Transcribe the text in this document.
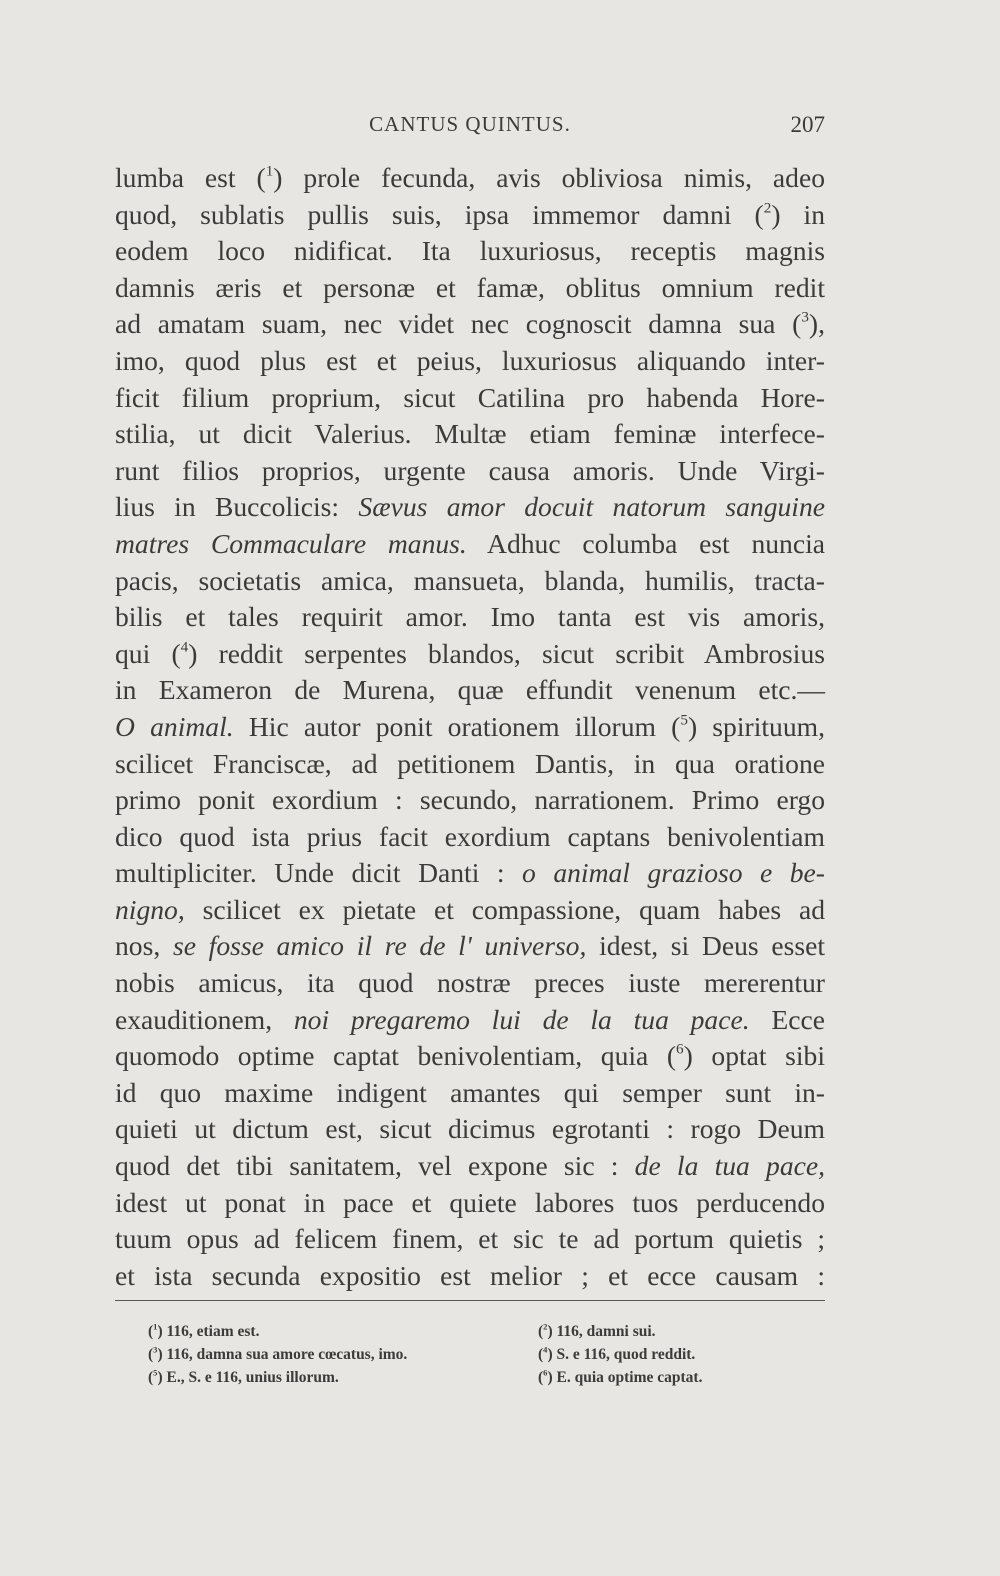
CANTUS QUINTUS.	207
lumba est ($^1$) prole fecunda, avis obliviosa nimis, adeo
quod, sublatis pullis suis, ipsa immemor damni ($^2$) in
eodem loco nidificat. Ita luxuriosus, receptis magnis
damnis æris et personæ et famæ, oblitus omnium redit
ad amatam suam, nec videt nec cognoscit damna sua ($^3$),
imo, quod plus est et peius, luxuriosus aliquando inter-
ficit filium proprium, sicut Catilina pro habenda Hore-
stilia, ut dicit Valerius. Multæ etiam feminæ interfece-
runt filios proprios, urgente causa amoris. Unde Virgi-
lius in Buccolicis: Sævus amor docuit natorum sanguine
matres Commaculare manus. Adhuc columba est nuncia
pacis, societatis amica, mansueta, blanda, humilis, tracta-
bilis et tales requirit amor. Imo tanta est vis amoris,
qui ($^4$) reddit serpentes blandos, sicut scribit Ambrosius
in Exameron de Murena, quæ effundit venenum etc.—
O animal. Hic autor ponit orationem illorum ($^5$) spirituum,
scilicet Franciscæ, ad petitionem Dantis, in qua oratione
primo ponit exordium : secundo, narrationem. Primo ergo
dico quod ista prius facit exordium captans benivolentiam
multipliciter. Unde dicit Danti : o animal grazioso e be-
nigno, scilicet ex pietate et compassione, quam habes ad
nos, se fosse amico il re de l' universo, idest, si Deus esset
nobis amicus, ita quod nostræ preces iuste mererentur
exauditionem, noi pregaremo lui de la tua pace. Ecce
quomodo optime captat benivolentiam, quia ($^6$) optat sibi
id quo maxime indigent amantes qui semper sunt in-
quieti ut dictum est, sicut dicimus egrotanti : rogo Deum
quod det tibi sanitatem, vel expone sic : de la tua pace,
idest ut ponat in pace et quiete labores tuos perducendo
tuum opus ad felicem finem, et sic te ad portum quietis ;
et ista secunda expositio est melior ; et ecce causam :
($^1$) 116, etiam est.	($^2$) 116, damni sui.
($^3$) 116, damna sua amore cœcatus, imo.	($^4$) S. e 116, quod reddit.
($^5$) E., S. e 116, unius illorum.	($^6$) E. quia optime captat.
